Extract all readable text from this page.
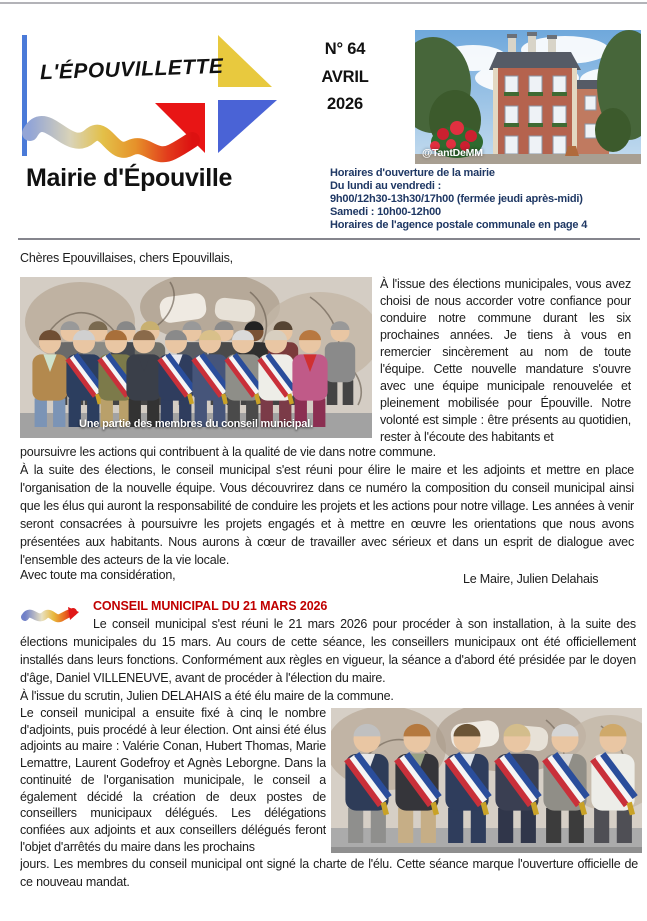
L'ÉPOUVILLETTE
Mairie d'Épouville
N° 64
AVRIL
2026
@TantDeMM
Horaires d'ouverture de la mairie
Du lundi au vendredi :
9h00/12h30-13h30/17h00 (fermée jeudi après-midi)
Samedi : 10h00-12h00
Horaires de l'agence postale communale en page 4
Chères Epouvillaises, chers Epouvillais,
Une partie des membres du conseil municipal.
À l'issue des élections municipales, vous avez choisi de nous accorder votre confiance pour conduire notre commune durant les six prochaines années. Je tiens à vous en remercier sincèrement au nom de toute l'équipe. Cette nouvelle mandature s'ouvre avec une équipe municipale renouvelée et pleinement mobilisée pour Épouville. Notre volonté est simple : être présents au quotidien, rester à l'écoute des habitants et
poursuivre les actions qui contribuent à la qualité de vie dans notre commune.
À la suite des élections, le conseil municipal s'est réuni pour élire le maire et les adjoints et mettre en place l'organisation de la nouvelle équipe. Vous découvrirez dans ce numéro la composition du conseil municipal ainsi que les élus qui auront la responsabilité de conduire les projets et les actions pour notre village. Les années à venir seront consacrées à poursuivre les projets engagés et à mettre en œuvre les orientations que nous avons présentées aux habitants. Nous aurons à cœur de travailler avec sérieux et dans un esprit de dialogue avec l'ensemble des acteurs de la vie locale.
Avec toute ma considération,	Le Maire, Julien Delahais
CONSEIL MUNICIPAL DU 21 MARS 2026
Le conseil municipal s'est réuni le 21 mars 2026 pour procéder à son installation, à la suite des élections municipales du 15 mars. Au cours de cette séance, les conseillers municipaux ont été officiellement installés dans leurs fonctions. Conformément aux règles en vigueur, la séance a d'abord été présidée par le doyen d'âge, Daniel VILLENEUVE, avant de procéder à l'élection du maire.
À l'issue du scrutin, Julien DELAHAIS a été élu maire de la commune.
Le conseil municipal a ensuite fixé à cinq le nombre d'adjoints, puis procédé à leur élection. Ont ainsi été élus adjoints au maire : Valérie Conan, Hubert Thomas, Marie Lemattre, Laurent Godefroy et Agnès Leborgne. Dans la continuité de l'organisation municipale, le conseil a également décidé la création de deux postes de conseillers municipaux délégués. Les délégations confiées aux adjoints et aux conseillers délégués feront l'objet d'arrêtés du maire dans les prochains
jours. Les membres du conseil municipal ont signé la charte de l'élu. Cette séance marque l'ouverture officielle de ce nouveau mandat.
